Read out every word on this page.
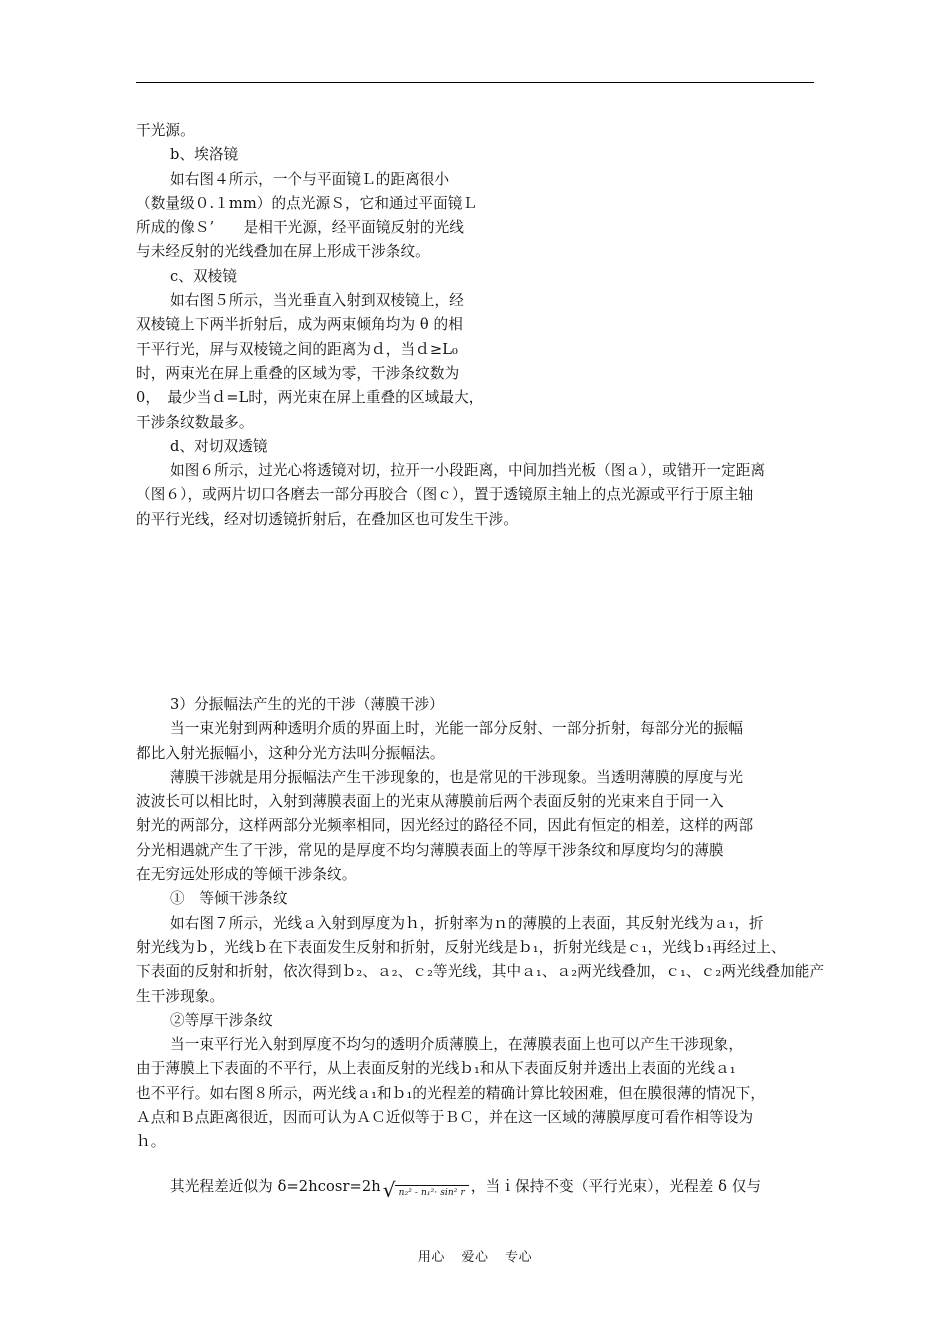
干光源。
b、埃洛镜
如右图４所示，一个与平面镜Ｌ的距离很小
（数量级０.１mm）的点光源Ｓ，它和通过平面镜Ｌ
所成的像Ｓ’　　是相干光源，经平面镜反射的光线
与未经反射的光线叠加在屏上形成干涉条纹。
c、双棱镜
如右图５所示，当光垂直入射到双棱镜上，经
双棱镜上下两半折射后，成为两束倾角均为 θ 的相
干平行光，屏与双棱镜之间的距离为ｄ，当ｄ≥L₀
时，两束光在屏上重叠的区域为零，干涉条纹数为
0，　最少当ｄ=L时，两光束在屏上重叠的区域最大，
干涉条纹数最多。
d、对切双透镜
如图６所示，过光心将透镜对切，拉开一小段距离，中间加挡光板（图ａ），或错开一定距离
（图６），或两片切口各磨去一部分再胶合（图ｃ），置于透镜原主轴上的点光源或平行于原主轴
的平行光线，经对切透镜折射后，在叠加区也可发生干涉。
3）分振幅法产生的光的干涉（薄膜干涉）
当一束光射到两种透明介质的界面上时，光能一部分反射、一部分折射，每部分光的振幅
都比入射光振幅小，这种分光方法叫分振幅法。
薄膜干涉就是用分振幅法产生干涉现象的，也是常见的干涉现象。当透明薄膜的厚度与光
波波长可以相比时，入射到薄膜表面上的光束从薄膜前后两个表面反射的光束来自于同一入
射光的两部分，这样两部分光频率相同，因光经过的路径不同，因此有恒定的相差，这样的两部
分光相遇就产生了干涉，常见的是厚度不均匀薄膜表面上的等厚干涉条纹和厚度均匀的薄膜
在无穷远处形成的等倾干涉条纹。
①　等倾干涉条纹
如右图７所示，光线ａ入射到厚度为ｈ，折射率为ｎ的薄膜的上表面，其反射光线为ａ₁，折
射光线为ｂ，光线ｂ在下表面发生反射和折射，反射光线是ｂ₁，折射光线是ｃ₁，光线ｂ₁再经过上、
下表面的反射和折射，依次得到ｂ₂、ａ₂、ｃ₂等光线，其中ａ₁、ａ₂两光线叠加，ｃ₁、ｃ₂两光线叠加能产
生干涉现象。
②等厚干涉条纹
当一束平行光入射到厚度不均匀的透明介质薄膜上，在薄膜表面上也可以产生干涉现象，
由于薄膜上下表面的不平行，从上表面反射的光线ｂ₁和从下表面反射并透出上表面的光线ａ₁
也不平行。如右图８所示，两光线ａ₁和ｂ₁的光程差的精确计算比较困难，但在膜很薄的情况下，
Ａ点和Ｂ点距离很近，因而可认为ＡＣ近似等于ＢＣ，并在这一区域的薄膜厚度可看作相等设为
ｈ。
其光程差近似为 δ=2hcosr=2h √ n₂² - n₁²· sin² r ，当ｉ保持不变（平行光束），光程差 δ 仅与
用心 爱心 专心
